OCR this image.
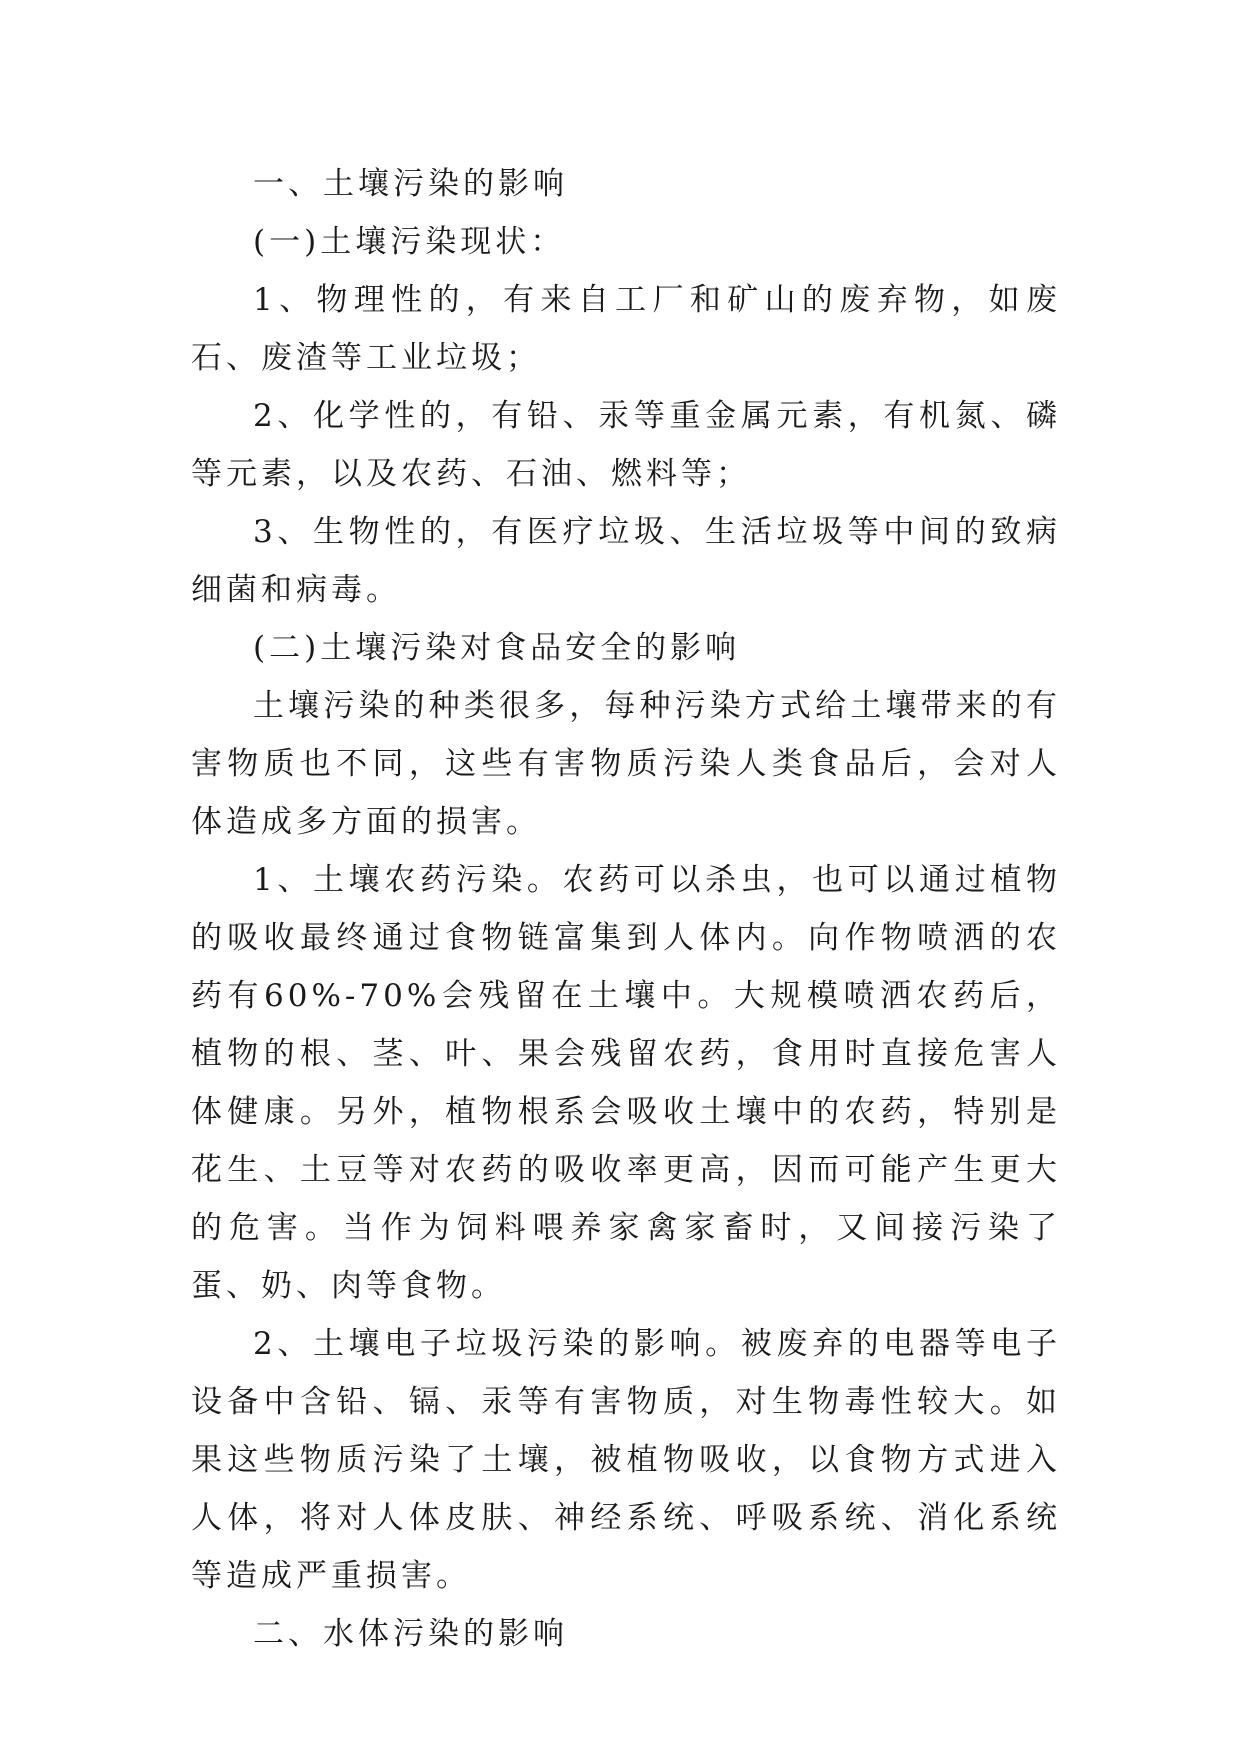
一、土壤污染的影响

(一)土壤污染现状：

1、物理性的，有来自工厂和矿山的废弃物，如废石、废渣等工业垃圾；

2、化学性的，有铅、汞等重金属元素，有机氮、磷等元素，以及农药、石油、燃料等；

3、生物性的，有医疗垃圾、生活垃圾等中间的致病细菌和病毒。

(二)土壤污染对食品安全的影响

土壤污染的种类很多，每种污染方式给土壤带来的有害物质也不同，这些有害物质污染人类食品后，会对人体造成多方面的损害。

1、土壤农药污染。农药可以杀虫，也可以通过植物的吸收最终通过食物链富集到人体内。向作物喷洒的农药有60%-70%会残留在土壤中。大规模喷洒农药后，植物的根、茎、叶、果会残留农药，食用时直接危害人体健康。另外，植物根系会吸收土壤中的农药，特别是花生、土豆等对农药的吸收率更高，因而可能产生更大的危害。当作为饲料喂养家禽家畜时，又间接污染了蛋、奶、肉等食物。

2、土壤电子垃圾污染的影响。被废弃的电器等电子设备中含铅、镉、汞等有害物质，对生物毒性较大。如果这些物质污染了土壤，被植物吸收，以食物方式进入人体，将对人体皮肤、神经系统、呼吸系统、消化系统等造成严重损害。

二、水体污染的影响
